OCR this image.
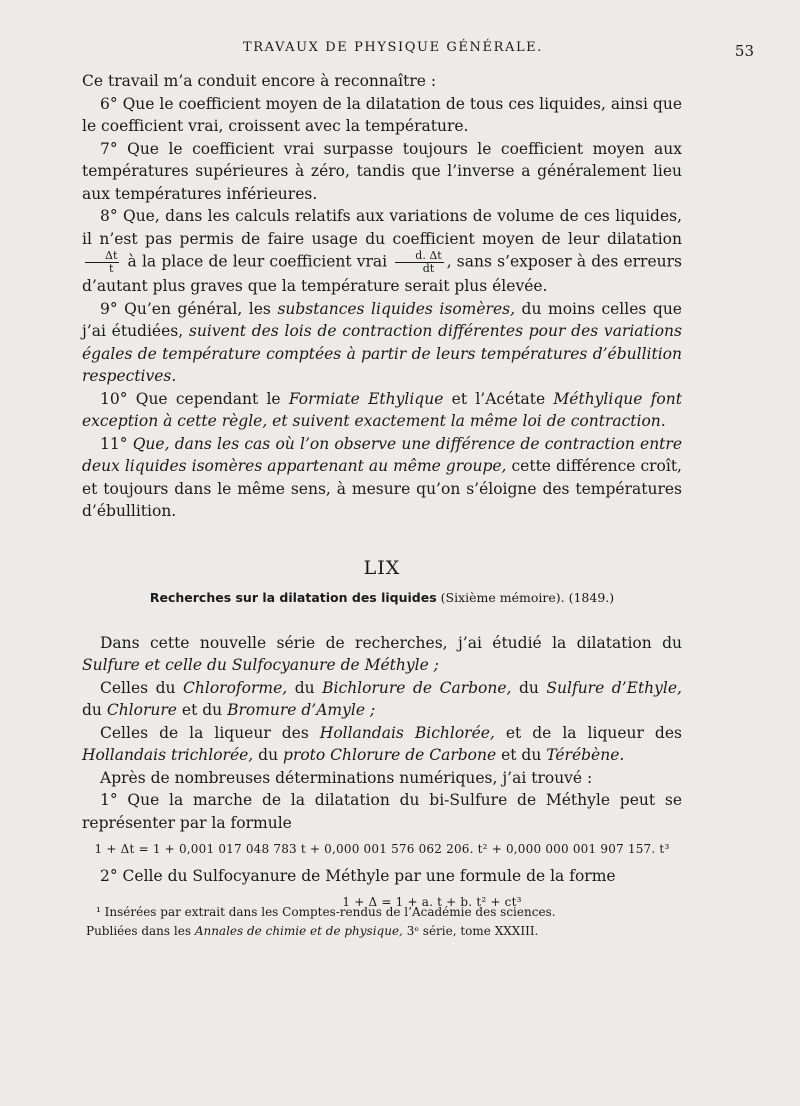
TRAVAUX DE PHYSIQUE GÉNÉRALE.	53

Ce travail m’a conduit encore à reconnaître :

6° Que le coefficient moyen de la dilatation de tous ces liquides, ainsi que le coefficient vrai, croissent avec la température.

7° Que le coefficient vrai surpasse toujours le coefficient moyen aux températures supérieures à zéro, tandis que l’inverse a généralement lieu aux températures inférieures.

8° Que, dans les calculs relatifs aux variations de volume de ces liquides, il n’est pas permis de faire usage du coefficient moyen de leur dilatation
$\frac{\Delta t}{t}$ à la place de leur coefficient vrai $\frac{d. \Delta t}{dt}$ , sans s’exposer à des erreurs d’autant plus graves que la température serait plus élevée.

9° Qu’en général, les substances liquides isomères, du moins celles que j’ai étudiées, suivent des lois de contraction différentes pour des variations égales de température comptées à partir de leurs températures d’ébullition respectives.

10° Que cependant le Formiate Ethylique et l’Acétate Méthylique font exception à cette règle, et suivent exactement la même loi de contraction.

11° Que, dans les cas où l’on observe une différence de contraction entre deux liquides isomères appartenant au même groupe, cette différence croît, et toujours dans le même sens, à mesure qu’on s’éloigne des températures d’ébullition.

LIX
Recherches sur la dilatation des liquides (Sixième mémoire). (1849.)

Dans cette nouvelle série de recherches, j’ai étudié la dilatation du Sulfure et celle du Sulfocyanure de Méthyle ;

Celles du Chloroforme, du Bichlorure de Carbone, du Sulfure d’Ethyle, du Chlorure et du Bromure d’Amyle ;

Celles de la liqueur des Hollandais Bichlorée, et de la liqueur des Hollandais trichlorée, du proto Chlorure de Carbone et du Térébène.

Après de nombreuses déterminations numériques, j’ai trouvé :

1° Que la marche de la dilatation du bi-Sulfure de Méthyle peut se représenter par la formule

1 + Δt = 1 + 0,001 017 048 783 t + 0,000 001 576 062 206. t² + 0,000 000 001 907 157. t³

2° Celle du Sulfocyanure de Méthyle par une formule de la forme

1 + Δ = 1 + a. t + b. t² + ct³

¹ Insérées par extrait dans les Comptes-rendus de l’Académie des sciences.

Publiées dans les Annales de chimie et de physique, 3ᵉ série, tome XXXIII.
